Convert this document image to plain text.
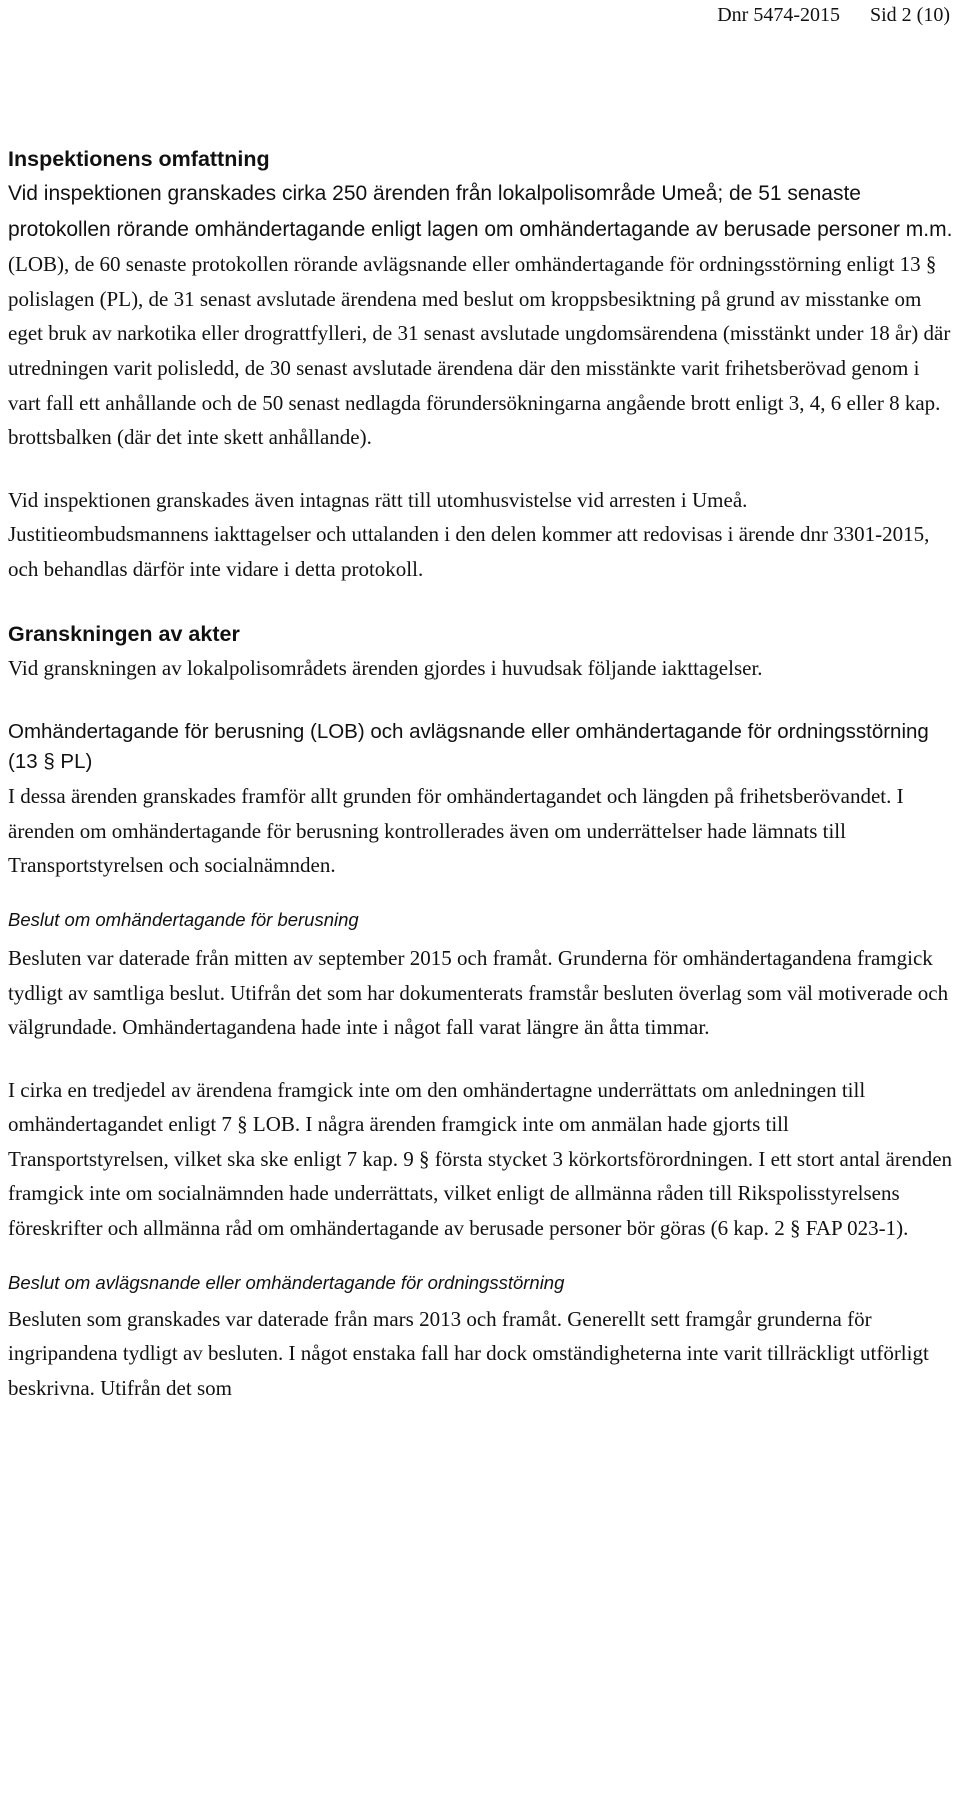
Dnr 5474-2015 Sid 2 (10)
Inspektionens omfattning

Vid inspektionen granskades cirka 250 ärenden från lokalpolisområde Umeå; de 51 senaste protokollen rörande omhändertagande enligt lagen om omhändertagande av berusade personer m.m. (LOB), de 60 senaste protokollen rörande avlägsnande eller omhändertagande för ordningsstörning enligt 13 § polislagen (PL), de 31 senast avslutade ärendena med beslut om kroppsbesiktning på grund av misstanke om eget bruk av narkotika eller drograttfylleri, de 31 senast avslutade ungdomsärendena (misstänkt under 18 år) där utredningen varit polisledd, de 30 senast avslutade ärendena där den misstänkte varit frihetsberövad genom i vart fall ett anhållande och de 50 senast nedlagda förundersökningarna angående brott enligt 3, 4, 6 eller 8 kap. brottsbalken (där det inte skett anhållande).

Vid inspektionen granskades även intagnas rätt till utomhusvistelse vid arresten i Umeå. Justitieombudsmannens iakttagelser och uttalanden i den delen kommer att redovisas i ärende dnr 3301-2015, och behandlas därför inte vidare i detta protokoll.

Granskningen av akter

Vid granskningen av lokalpolisområdets ärenden gjordes i huvudsak följande iakttagelser.

Omhändertagande för berusning (LOB) och avlägsnande eller omhändertagande för ordningsstörning (13 § PL)

I dessa ärenden granskades framför allt grunden för omhändertagandet och längden på frihetsberövandet. I ärenden om omhändertagande för berusning kontrollerades även om underrättelser hade lämnats till Transportstyrelsen och socialnämnden.

Beslut om omhändertagande för berusning

Besluten var daterade från mitten av september 2015 och framåt. Grunderna för omhändertagandena framgick tydligt av samtliga beslut. Utifrån det som har dokumenterats framstår besluten överlag som väl motiverade och välgrundade. Omhändertagandena hade inte i något fall varat längre än åtta timmar.

I cirka en tredjedel av ärendena framgick inte om den omhändertagne underrättats om anledningen till omhändertagandet enligt 7 § LOB. I några ärenden framgick inte om anmälan hade gjorts till Transportstyrelsen, vilket ska ske enligt 7 kap. 9 § första stycket 3 körkortsförordningen. I ett stort antal ärenden framgick inte om socialnämnden hade underrättats, vilket enligt de allmänna råden till Rikspolisstyrelsens föreskrifter och allmänna råd om omhändertagande av berusade personer bör göras (6 kap. 2 § FAP 023-1).

Beslut om avlägsnande eller omhändertagande för ordningsstörning

Besluten som granskades var daterade från mars 2013 och framåt. Generellt sett framgår grunderna för ingripandena tydligt av besluten. I något enstaka fall har dock omständigheterna inte varit tillräckligt utförligt beskrivna. Utifrån det som
